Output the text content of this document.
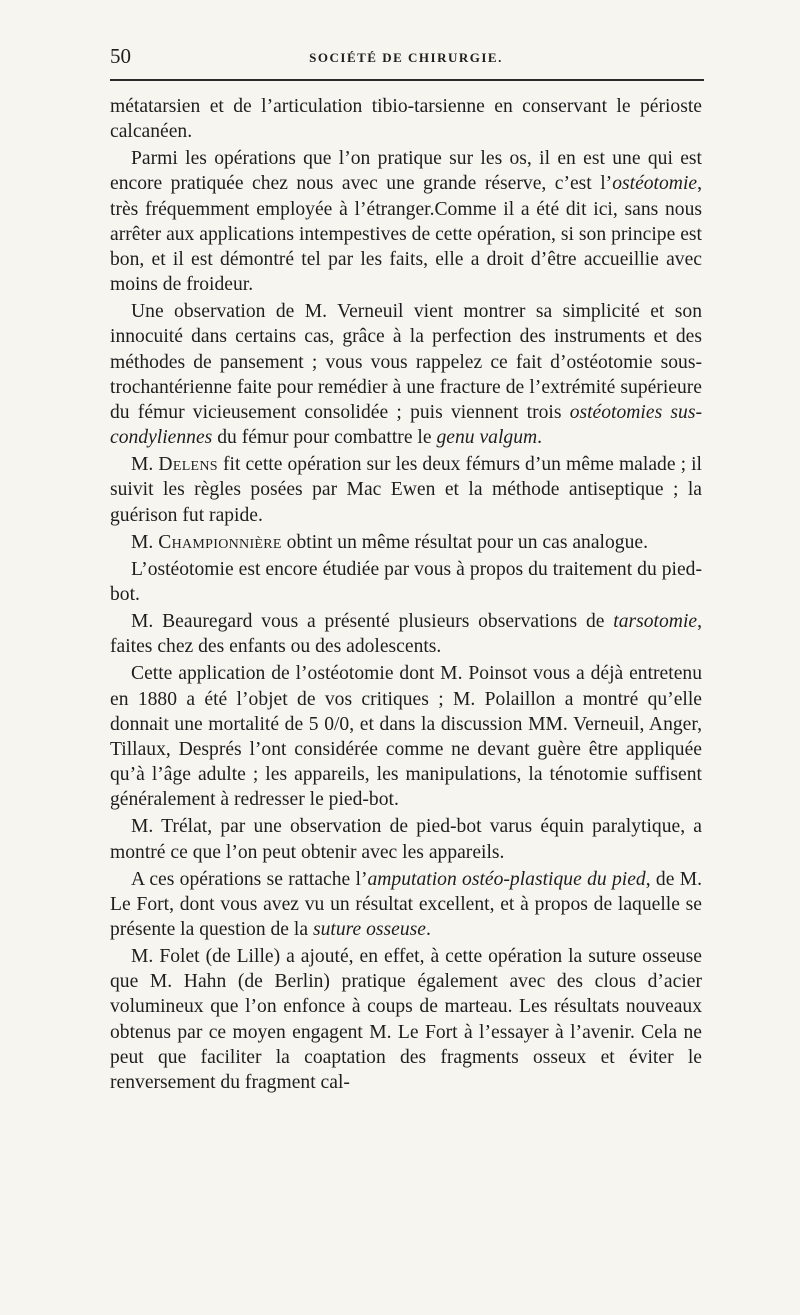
50	SOCIÉTÉ DE CHIRURGIE.

métatarsien et de l’articulation tibio-tarsienne en conservant le périoste calcanéen.

Parmi les opérations que l’on pratique sur les os, il en est une qui est encore pratiquée chez nous avec une grande réserve, c’est l’ostéotomie, très fréquemment employée à l’étranger.Comme il a été dit ici, sans nous arrêter aux applications intempestives de cette opération, si son principe est bon, et il est démontré tel par les faits, elle a droit d’être accueillie avec moins de froideur.

Une observation de M. Verneuil vient montrer sa simplicité et son innocuité dans certains cas, grâce à la perfection des instruments et des méthodes de pansement ; vous vous rappelez ce fait d’ostéotomie sous-trochantérienne faite pour remédier à une fracture de l’extrémité supérieure du fémur vicieusement consolidée ; puis viennent trois ostéotomies sus-condyliennes du fémur pour combattre le genu valgum.

M. Delens fit cette opération sur les deux fémurs d’un même malade ; il suivit les règles posées par Mac Ewen et la méthode antiseptique ; la guérison fut rapide.

M. Championnière obtint un même résultat pour un cas analogue.

L’ostéotomie est encore étudiée par vous à propos du traitement du pied-bot.

M. Beauregard vous a présenté plusieurs observations de tarsotomie, faites chez des enfants ou des adolescents.

Cette application de l’ostéotomie dont M. Poinsot vous a déjà entretenu en 1880 a été l’objet de vos critiques ; M. Polaillon a montré qu’elle donnait une mortalité de 5 0/0, et dans la discussion MM. Verneuil, Anger, Tillaux, Després l’ont considérée comme ne devant guère être appliquée qu’à l’âge adulte ; les appareils, les manipulations, la ténotomie suffisent généralement à redresser le pied-bot.

M. Trélat, par une observation de pied-bot varus équin paralytique, a montré ce que l’on peut obtenir avec les appareils.

A ces opérations se rattache l’amputation ostéo-plastique du pied, de M. Le Fort, dont vous avez vu un résultat excellent, et à propos de laquelle se présente la question de la suture osseuse.

M. Folet (de Lille) a ajouté, en effet, à cette opération la suture osseuse que M. Hahn (de Berlin) pratique également avec des clous d’acier volumineux que l’on enfonce à coups de marteau. Les résultats nouveaux obtenus par ce moyen engagent M. Le Fort à l’essayer à l’avenir. Cela ne peut que faciliter la coaptation des fragments osseux et éviter le renversement du fragment cal-
